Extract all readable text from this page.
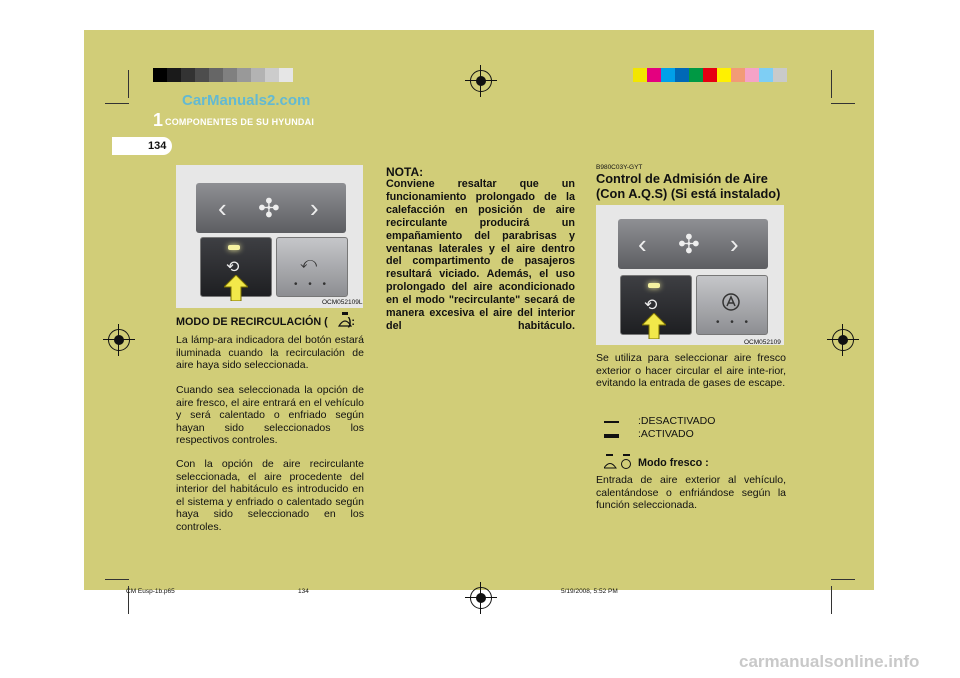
CarManuals2.com
1 COMPONENTES DE SU HYUNDAI
134
‹ ✣ ›
⟲	⤺
• • •
OCM052109L
MODO DE RECIRCULACIÓN ( ):
La lámp-ara indicadora del botón estará iluminada cuando la recirculación de aire haya sido seleccionada.
Cuando sea seleccionada la opción de aire fresco, el aire entrará en el vehículo y será calentado o enfriado según hayan sido seleccionados los respectivos controles.
Con la opción de aire recirculante seleccionada, el aire procedente del interior del habitáculo es introducido en el sistema y enfriado o calentado según haya sido seleccionado en los controles.
NOTA:
Conviene resaltar que un funcionamiento prolongado de la calefacción en posición de aire recirculante producirá un empañamiento del parabrisas y ventanas laterales y el aire dentro del compartimento de pasajeros resultará viciado. Además, el uso prolongado del aire acondicionado en el modo "recirculante" secará de manera excesiva el aire del interior del habitáculo.
B980C03Y-GYT
Control de Admisión de Aire (Con A.Q.S) (Si está instalado)
‹ ✣ ›
⟲
• • •
OCM052109
Se utiliza para seleccionar aire fresco exterior o hacer circular el aire inte-rior, evitando la entrada de gases de escape.
:DESACTIVADO
:ACTIVADO
Modo fresco :
Entrada de aire exterior al vehículo, calentándose o enfriándose según la función seleccionada.
CM Eusp-1b.p65	134	5/19/2008, 5:52 PM
carmanualsonline.info
